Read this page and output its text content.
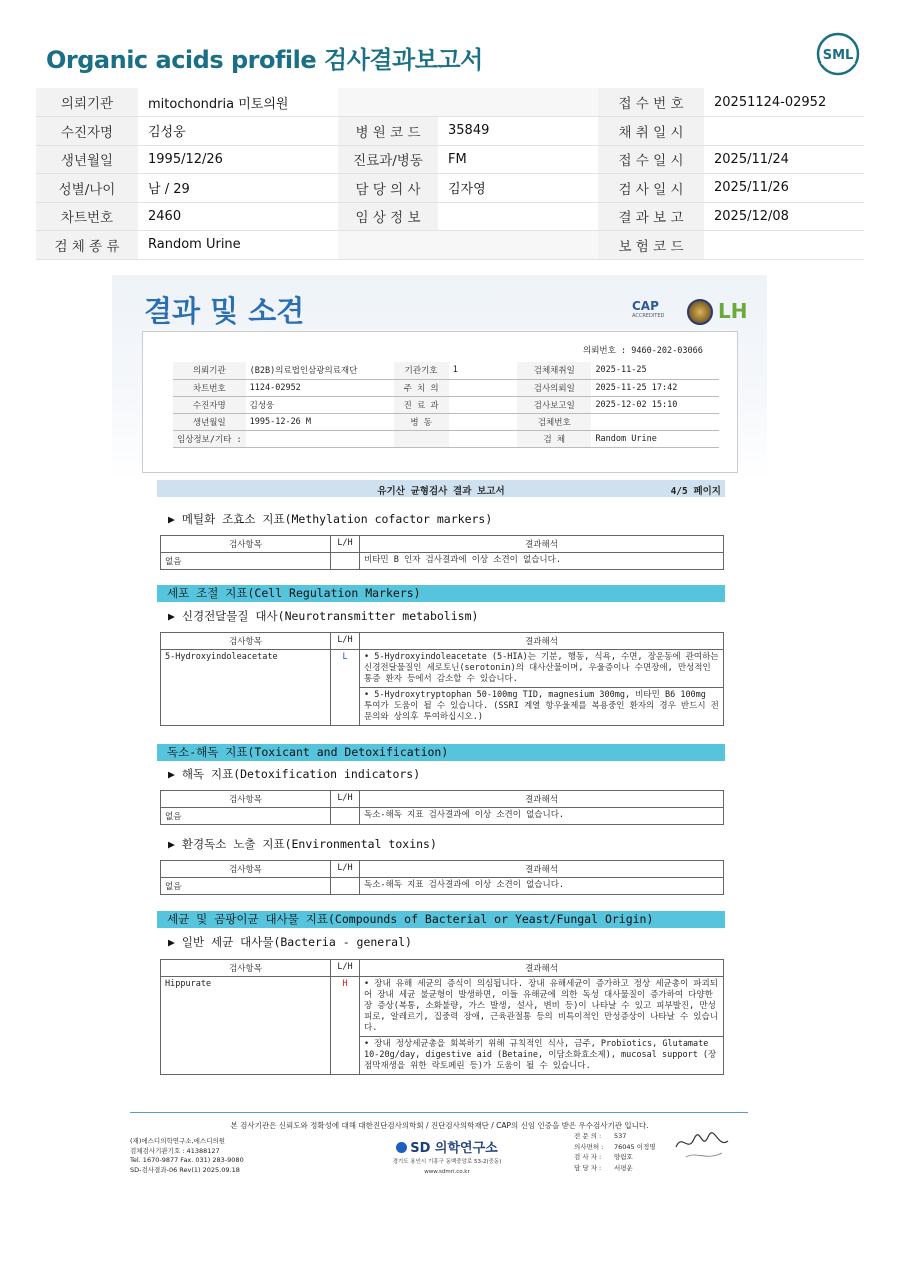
Organic acids profile 검사결과보고서	SML
의뢰기관	mitochondria 미토의원			접 수 번 호	20251124-02952
수진자명	김성웅	병 원 코 드	35849	채 취 일 시	
생년월일	1995/12/26	진료과/병동	FM	접 수 일 시	2025/11/24
성별/나이	남 / 29	담 당 의 사	김자영	검 사 일 시	2025/11/26
차트번호	2460	임 상 정 보		결 과 보 고	2025/12/08
검 체 종 류	Random Urine			보 험 코 드	
결과 및 소견	CAP
ACCREDITED	LH
의뢰번호 : 9460-202-03066
의뢰기관	(B2B)의료법인삼광의료재단	기관기호	1	검체채취일	2025-11-25
차트번호	1124-02952	주 치 의		검사의뢰일	2025-11-25 17:42
수진자명	김성웅	진 료 과		검사보고일	2025-12-02 15:10
생년월일	1995-12-26 M	병 동		검체번호	
임상정보/기타 :				검 체	Random Urine
유기산 균형검사 결과 보고서	4/5 페이지
▶ 메틸화 조효소 지표(Methylation cofactor markers)
검사항목	L/H	결과해석
없음		비타민 B 인자 검사결과에 이상 소견이 없습니다.
세포 조절 지표(Cell Regulation Markers)
▶ 신경전달물질 대사(Neurotransmitter metabolism)
검사항목	L/H	결과해석
5-Hydroxyindoleacetate	L	• 5-Hydroxyindoleacetate (5-HIA)는 기분, 행동, 식욕, 수면, 장운동에 관여하는 신경전달물질인 세로토닌(serotonin)의 대사산물이며, 우울증이나 수면장애, 만성적인 통증 환자 등에서 감소할 수 있습니다.
		• 5-Hydroxytryptophan 50-100mg TID, magnesium 300mg, 비타민 B6 100mg 투여가 도움이 될 수 있습니다. (SSRI 계열 항우울제를 복용중인 환자의 경우 반드시 전문의와 상의후 투여하십시오.)
독소-해독 지표(Toxicant and Detoxification)
▶ 해독 지표(Detoxification indicators)
검사항목	L/H	결과해석
없음		독소-해독 지표 검사결과에 이상 소견이 없습니다.
▶ 환경독소 노출 지표(Environmental toxins)
검사항목	L/H	결과해석
없음		독소-해독 지표 검사결과에 이상 소견이 없습니다.
세균 및 곰팡이균 대사물 지표(Compounds of Bacterial or Yeast/Fungal Origin)
▶ 일반 세균 대사물(Bacteria - general)
검사항목	L/H	결과해석
Hippurate	H	• 장내 유해 세균의 증식이 의심됩니다. 장내 유해세균이 증가하고 정상 세균총이 파괴되어 장내 세균 불균형이 발생하면, 이들 유해균에 의한 독성 대사물질이 증가하여 다양한 장 증상(복통, 소화불량, 가스 발생, 설사, 변비 등)이 나타날 수 있고 피부발진, 만성피로, 알레르기, 집중력 장애, 근육관절통 등의 비특이적인 만성증상이 나타날 수 있습니다.
		• 장내 정상세균총을 회복하기 위해 규칙적인 식사, 금주, Probiotics, Glutamate 10-20g/day, digestive aid (Betaine, 이담소화효소제), mucosal support (장점막재생을 위한 락토페린 등)가 도움이 될 수 있습니다.
본 검사기관은 신뢰도와 정확성에 대해 대한진단검사의학회 / 진단검사의학재단 / CAP의 신임 인증을 받은 우수검사기관 입니다.
(재)에스디의학연구소,에스디의원
검체검사기관기호 : 41388127
Tel. 1670-9877 Fax. 031) 283-9080
SD-검사결과-06 Rev(1) 2025.09.18
SD 의학연구소
경기도 용인시 기흥구 동백중앙로 53-2(중동)
www.sdmri.co.kr
전 문 의 : 537
의사면허 : 76045 이정명
검 사 자 : 양림호
담 당 자 : 서평운
